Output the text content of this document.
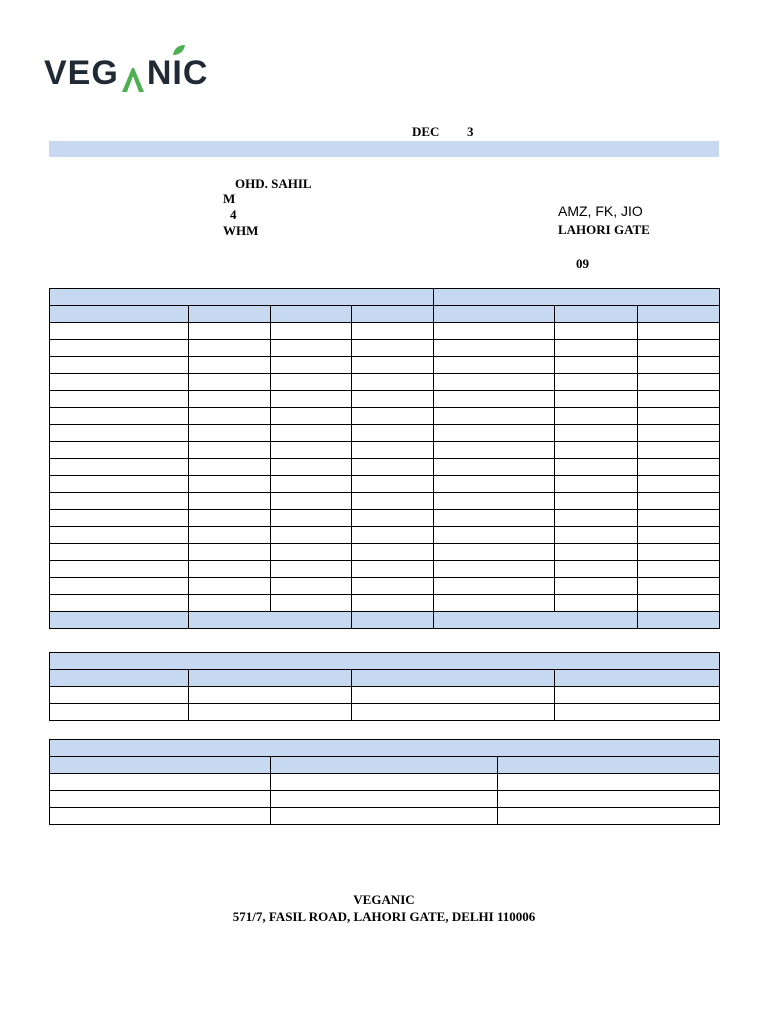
VEG N I C
DEC 3
OHD. SAHIL
M
4
WHM
AMZ, FK, JIO
LAHORI GATE
09

VEGANIC
571/7, FASIL ROAD, LAHORI GATE, DELHI 110006
